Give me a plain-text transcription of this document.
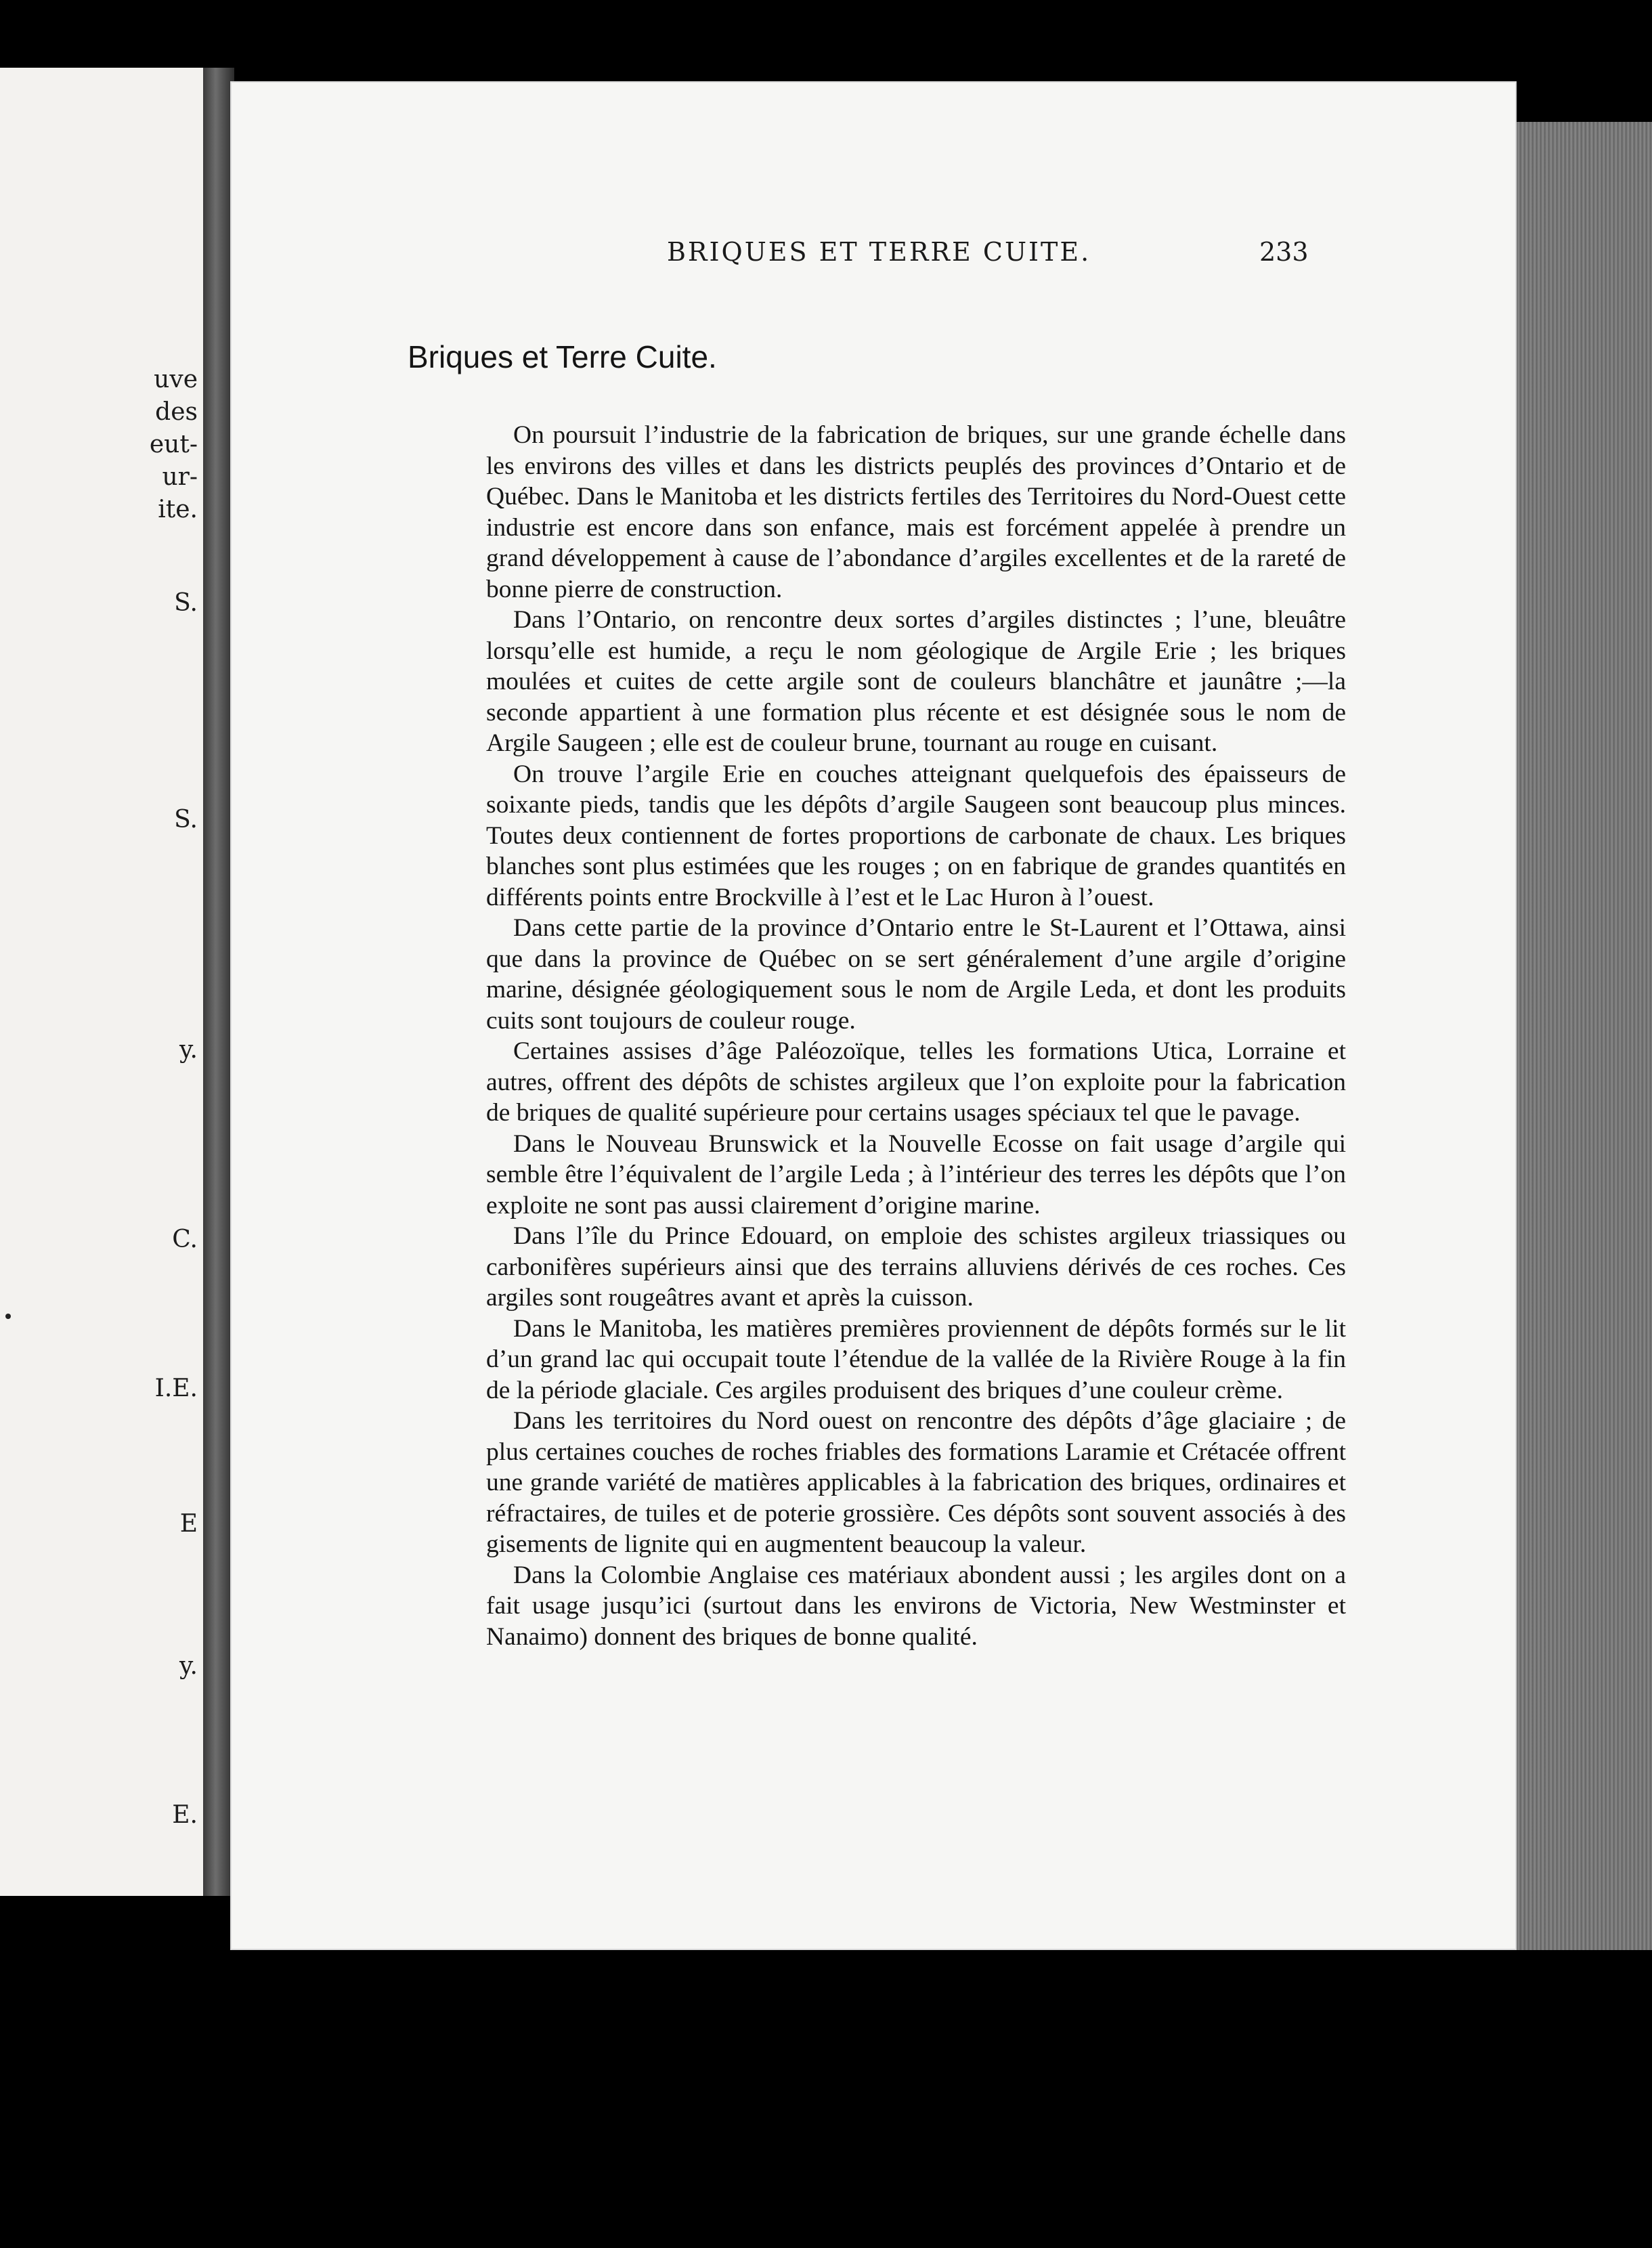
uve
des
eut-
ur-
ite.
S.
S.
y.
C.
I.E.
E
y.
E.
BRIQUES ET TERRE CUITE.	233
Briques et Terre Cuite.

On poursuit l’industrie de la fabrication de briques, sur une grande échelle dans les environs des villes et dans les districts peuplés des provinces d’Ontario et de Québec. Dans le Manitoba et les districts fertiles des Territoires du Nord-Ouest cette industrie est encore dans son enfance, mais est forcément appelée à prendre un grand développement à cause de l’abondance d’argiles excellentes et de la rareté de bonne pierre de construction.

Dans l’Ontario, on rencontre deux sortes d’argiles distinctes ; l’une, bleuâtre lorsqu’elle est humide, a reçu le nom géologique de Argile Erie ; les briques moulées et cuites de cette argile sont de couleurs blanchâtre et jaunâtre ;—la seconde appartient à une formation plus récente et est désignée sous le nom de Argile Saugeen ; elle est de couleur brune, tournant au rouge en cuisant.

On trouve l’argile Erie en couches atteignant quelquefois des épaisseurs de soixante pieds, tandis que les dépôts d’argile Saugeen sont beaucoup plus minces. Toutes deux contiennent de fortes proportions de carbonate de chaux. Les briques blanches sont plus estimées que les rouges ; on en fabrique de grandes quantités en différents points entre Brockville à l’est et le Lac Huron à l’ouest.

Dans cette partie de la province d’Ontario entre le St-Laurent et l’Ottawa, ainsi que dans la province de Québec on se sert généralement d’une argile d’origine marine, désignée géologiquement sous le nom de Argile Leda, et dont les produits cuits sont toujours de couleur rouge.

Certaines assises d’âge Paléozoïque, telles les formations Utica, Lorraine et autres, offrent des dépôts de schistes argileux que l’on exploite pour la fabrication de briques de qualité supérieure pour certains usages spéciaux tel que le pavage.

Dans le Nouveau Brunswick et la Nouvelle Ecosse on fait usage d’argile qui semble être l’équivalent de l’argile Leda ; à l’intérieur des terres les dépôts que l’on exploite ne sont pas aussi clairement d’origine marine.

Dans l’île du Prince Edouard, on emploie des schistes argileux triassiques ou carbonifères supérieurs ainsi que des terrains alluviens dérivés de ces roches. Ces argiles sont rougeâtres avant et après la cuisson.

Dans le Manitoba, les matières premières proviennent de dépôts formés sur le lit d’un grand lac qui occupait toute l’étendue de la vallée de la Rivière Rouge à la fin de la période glaciale. Ces argiles produisent des briques d’une couleur crème.

Dans les territoires du Nord ouest on rencontre des dépôts d’âge glaciaire ; de plus certaines couches de roches friables des formations Laramie et Crétacée offrent une grande variété de matières applicables à la fabrication des briques, ordinaires et réfractaires, de tuiles et de poterie grossière. Ces dépôts sont souvent associés à des gisements de lignite qui en augmentent beaucoup la valeur.

Dans la Colombie Anglaise ces matériaux abondent aussi ; les argiles dont on a fait usage jusqu’ici (surtout dans les environs de Victoria, New Westminster et Nanaimo) donnent des briques de bonne qualité.
